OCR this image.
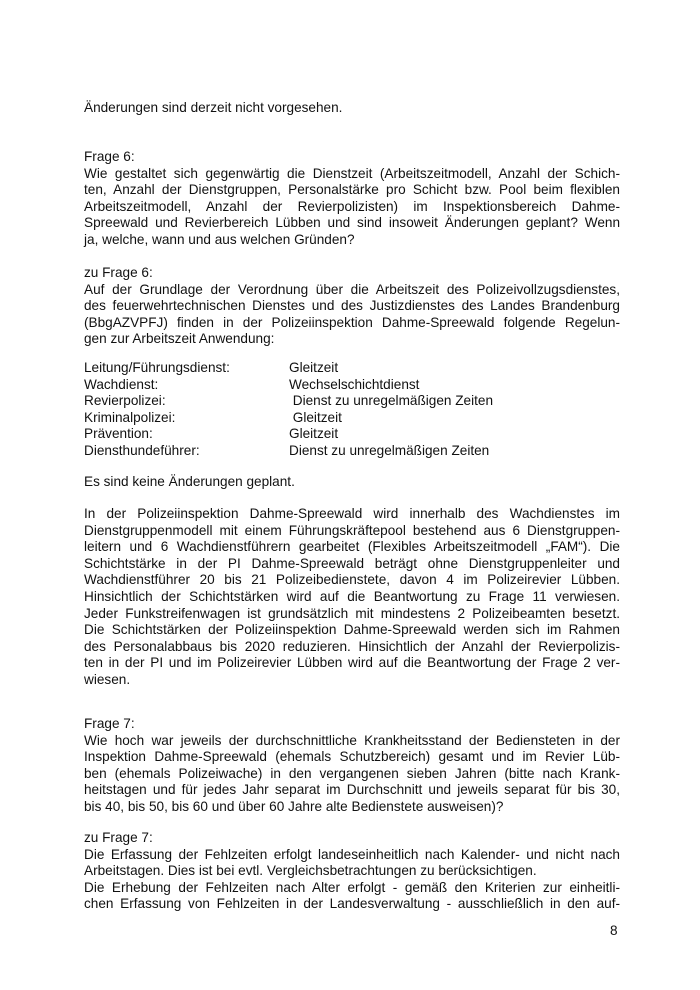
Änderungen sind derzeit nicht vorgesehen.
Frage 6:
Wie gestaltet sich gegenwärtig die Dienstzeit (Arbeitszeitmodell, Anzahl der Schich-
ten, Anzahl der Dienstgruppen, Personalstärke pro Schicht bzw. Pool beim flexiblen
Arbeitszeitmodell, Anzahl der Revierpolizisten) im Inspektionsbereich Dahme-
Spreewald und Revierbereich Lübben und sind insoweit Änderungen geplant? Wenn
ja, welche, wann und aus welchen Gründen?
zu Frage 6:
Auf der Grundlage der Verordnung über die Arbeitszeit des Polizeivollzugsdienstes,
des feuerwehrtechnischen Dienstes und des Justizdienstes des Landes Brandenburg
(BbgAZVPFJ) finden in der Polizeiinspektion Dahme-Spreewald folgende Regelun-
gen zur Arbeitszeit Anwendung:
Leitung/Führungsdienst:	Gleitzeit
Wachdienst:	Wechselschichtdienst
Revierpolizei:	Dienst zu unregelmäßigen Zeiten
Kriminalpolizei:	Gleitzeit
Prävention:	Gleitzeit
Diensthundeführer:	Dienst zu unregelmäßigen Zeiten
Es sind keine Änderungen geplant.
In der Polizeiinspektion Dahme-Spreewald wird innerhalb des Wachdienstes im
Dienstgruppenmodell mit einem Führungskräftepool bestehend aus 6 Dienstgruppen-
leitern und 6 Wachdienstführern gearbeitet (Flexibles Arbeitszeitmodell „FAM“). Die
Schichtstärke in der PI Dahme-Spreewald beträgt ohne Dienstgruppenleiter und
Wachdienstführer 20 bis 21 Polizeibedienstete, davon 4 im Polizeirevier Lübben.
Hinsichtlich der Schichtstärken wird auf die Beantwortung zu Frage 11 verwiesen.
Jeder Funkstreifenwagen ist grundsätzlich mit mindestens 2 Polizeibeamten besetzt.
Die Schichtstärken der Polizeiinspektion Dahme-Spreewald werden sich im Rahmen
des Personalabbaus bis 2020 reduzieren. Hinsichtlich der Anzahl der Revierpolizis-
ten in der PI und im Polizeirevier Lübben wird auf die Beantwortung der Frage 2 ver-
wiesen.
Frage 7:
Wie hoch war jeweils der durchschnittliche Krankheitsstand der Bediensteten in der
Inspektion Dahme-Spreewald (ehemals Schutzbereich) gesamt und im Revier Lüb-
ben (ehemals Polizeiwache) in den vergangenen sieben Jahren (bitte nach Krank-
heitstagen und für jedes Jahr separat im Durchschnitt und jeweils separat für bis 30,
bis 40, bis 50, bis 60 und über 60 Jahre alte Bedienstete ausweisen)?
zu Frage 7:
Die Erfassung der Fehlzeiten erfolgt landeseinheitlich nach Kalender- und nicht nach
Arbeitstagen. Dies ist bei evtl. Vergleichsbetrachtungen zu berücksichtigen.
Die Erhebung der Fehlzeiten nach Alter erfolgt - gemäß den Kriterien zur einheitli-
chen Erfassung von Fehlzeiten in der Landesverwaltung - ausschließlich in den auf-
8
